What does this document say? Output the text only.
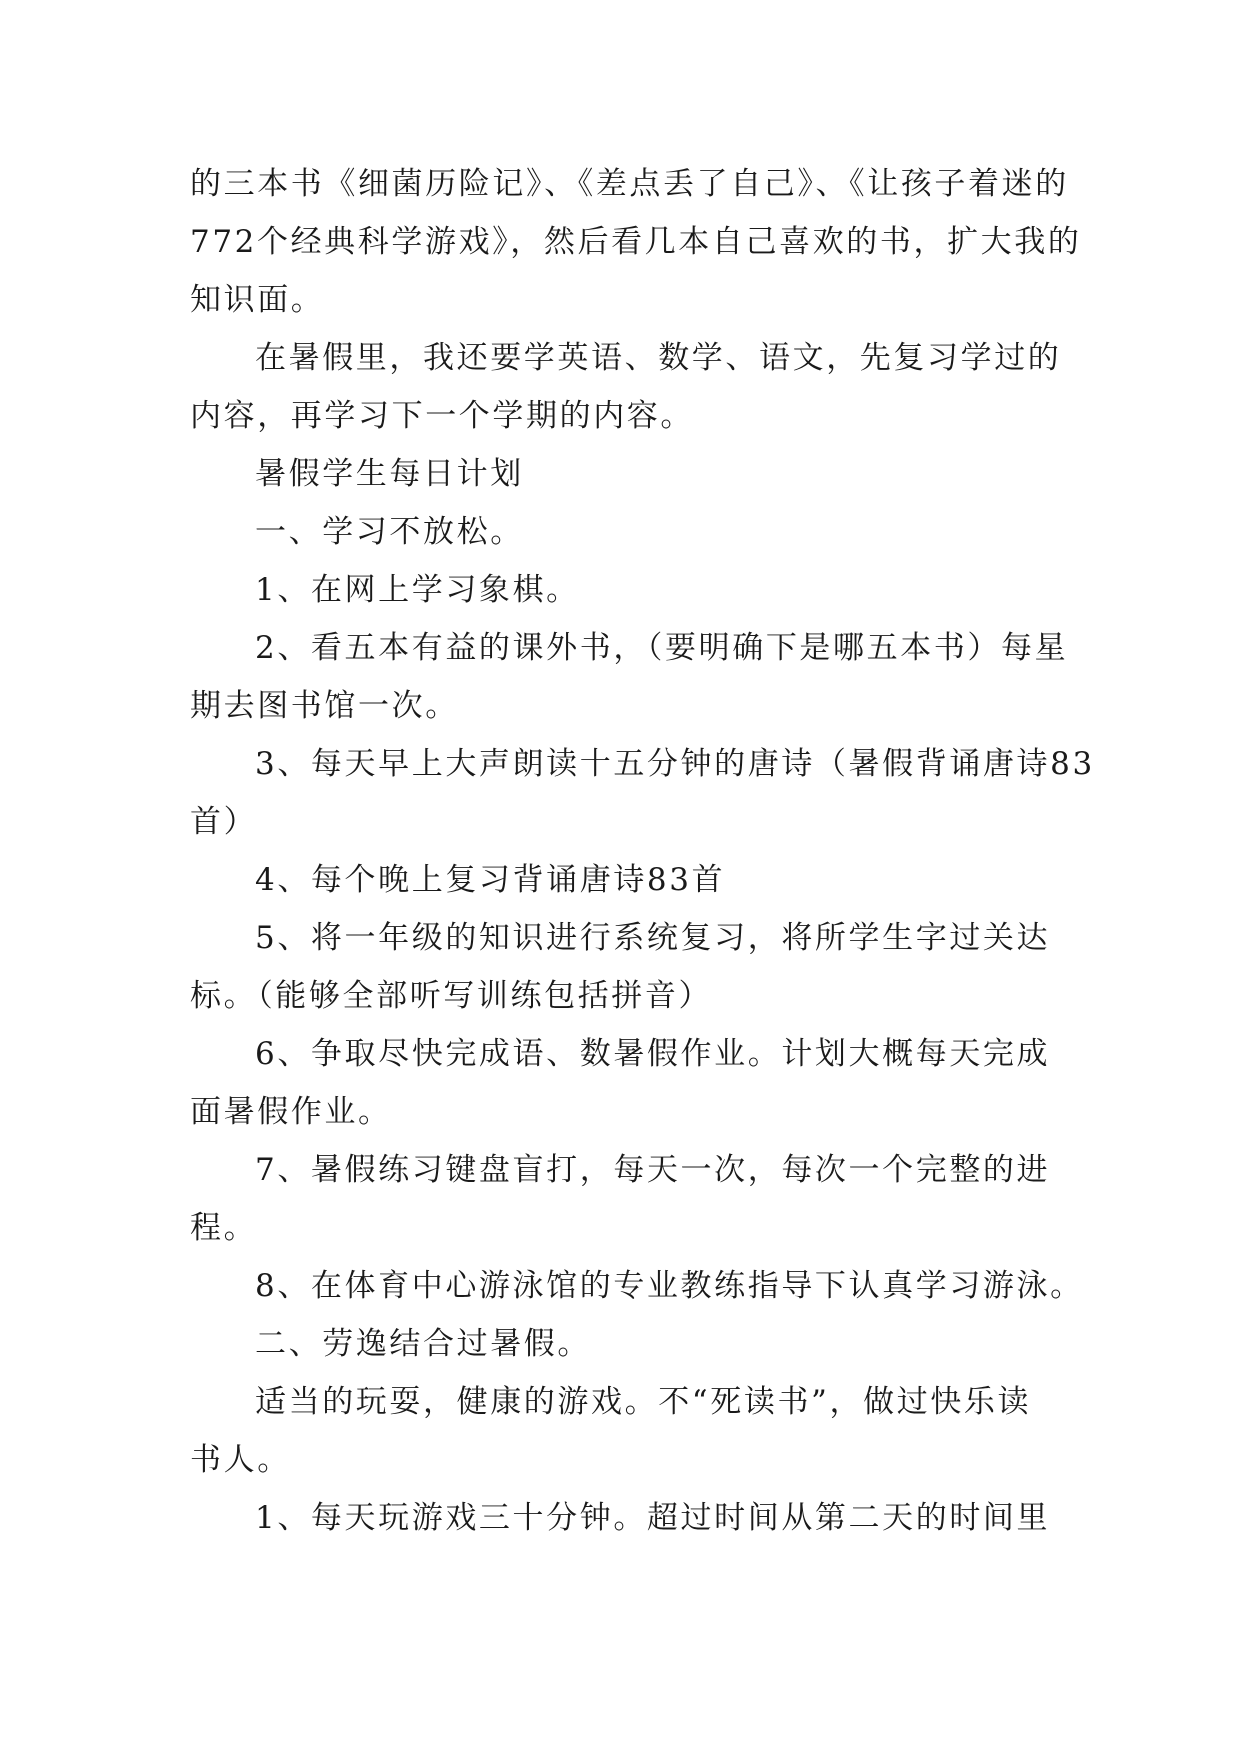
的三本书《细菌历险记》、《差点丢了自己》、《让孩子着迷的
772个经典科学游戏》，然后看几本自己喜欢的书，扩大我的
知识面。
在暑假里，我还要学英语、数学、语文，先复习学过的
内容，再学习下一个学期的内容。
暑假学生每日计划
一、学习不放松。
1、在网上学习象棋。
2、看五本有益的课外书，（要明确下是哪五本书）每星
期去图书馆一次。
3、每天早上大声朗读十五分钟的唐诗（暑假背诵唐诗83
首）
4、每个晚上复习背诵唐诗83首
5、将一年级的知识进行系统复习，将所学生字过关达
标。（能够全部听写训练包括拼音）
6、争取尽快完成语、数暑假作业。计划大概每天完成
面暑假作业。
7、暑假练习键盘盲打，每天一次，每次一个完整的进
程。
8、在体育中心游泳馆的专业教练指导下认真学习游泳。
二、劳逸结合过暑假。
适当的玩耍，健康的游戏。不“死读书”，做过快乐读
书人。
1、每天玩游戏三十分钟。超过时间从第二天的时间里
